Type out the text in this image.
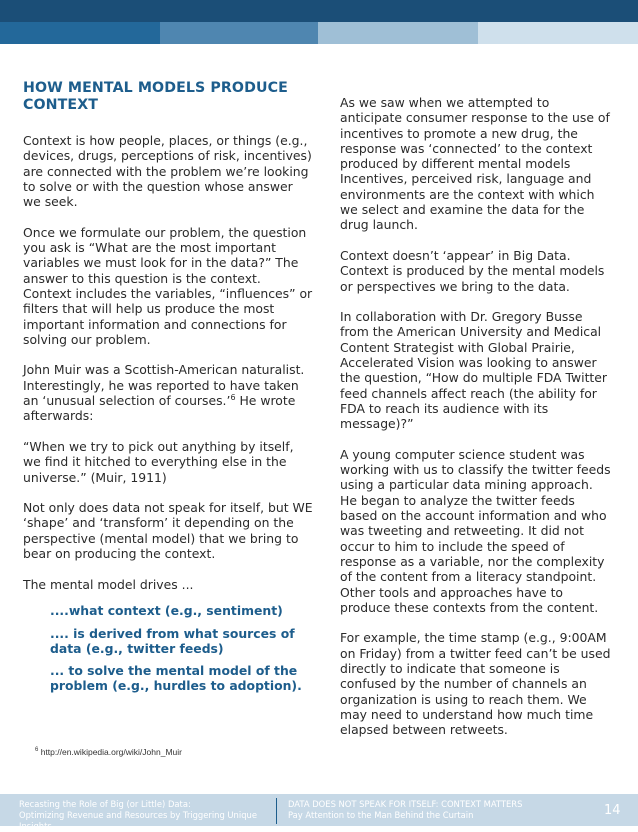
HOW MENTAL MODELS PRODUCE CONTEXT

Context is how people, places, or things (e.g., devices, drugs, perceptions of risk, incentives) are connected with the problem we’re looking to solve or with the question whose answer we seek.

Once we formulate our problem, the question you ask is “What are the most important variables we must look for in the data?” The answer to this question is the context. Context includes the variables, “influences” or filters that will help us produce the most important information and connections for solving our problem.

John Muir was a Scottish-American naturalist. Interestingly, he was reported to have taken an ‘unusual selection of courses.’$^6$ He wrote afterwards:

“When we try to pick out anything by itself, we find it hitched to everything else in the universe.” (Muir, 1911)

Not only does data not speak for itself, but WE ‘shape’ and ‘transform’ it depending on the perspective (mental model) that we bring to bear on producing the context.

The mental model drives ...

....what context (e.g., sentiment)

.... is derived from what sources of data (e.g., twitter feeds)

... to solve the mental model of the problem (e.g., hurdles to adoption).

As we saw when we attempted to anticipate consumer response to the use of incentives to promote a new drug, the response was ‘connected’ to the context produced by different mental models Incentives, perceived risk, language and environments are the context with which we select and examine the data for the drug launch.

Context doesn’t ‘appear’ in Big Data. Context is produced by the mental models or perspectives we bring to the data.

In collaboration with Dr. Gregory Busse from the American University and Medical Content Strategist with Global Prairie, Accelerated Vision was looking to answer the question, “How do multiple FDA Twitter feed channels affect reach (the ability for FDA to reach its audience with its message)?”

A young computer science student was working with us to classify the twitter feeds using a particular data mining approach. He began to analyze the twitter feeds based on the account information and who was tweeting and retweeting. It did not occur to him to include the speed of response as a variable, nor the complexity of the content from a literacy standpoint. Other tools and approaches have to produce these contexts from the content.

For example, the time stamp (e.g., 9:00AM on Friday) from a twitter feed can’t be used directly to indicate that someone is confused by the number of channels an organization is using to reach them. We may need to understand how much time elapsed between retweets.

$^6$ http://en.wikipedia.org/wiki/John_Muir
Recasting the Role of Big (or Little) Data:
Optimizing Revenue and Resources by Triggering Unique Insights
DATA DOES NOT SPEAK FOR ITSELF: CONTEXT MATTERS
Pay Attention to the Man Behind the Curtain	14
